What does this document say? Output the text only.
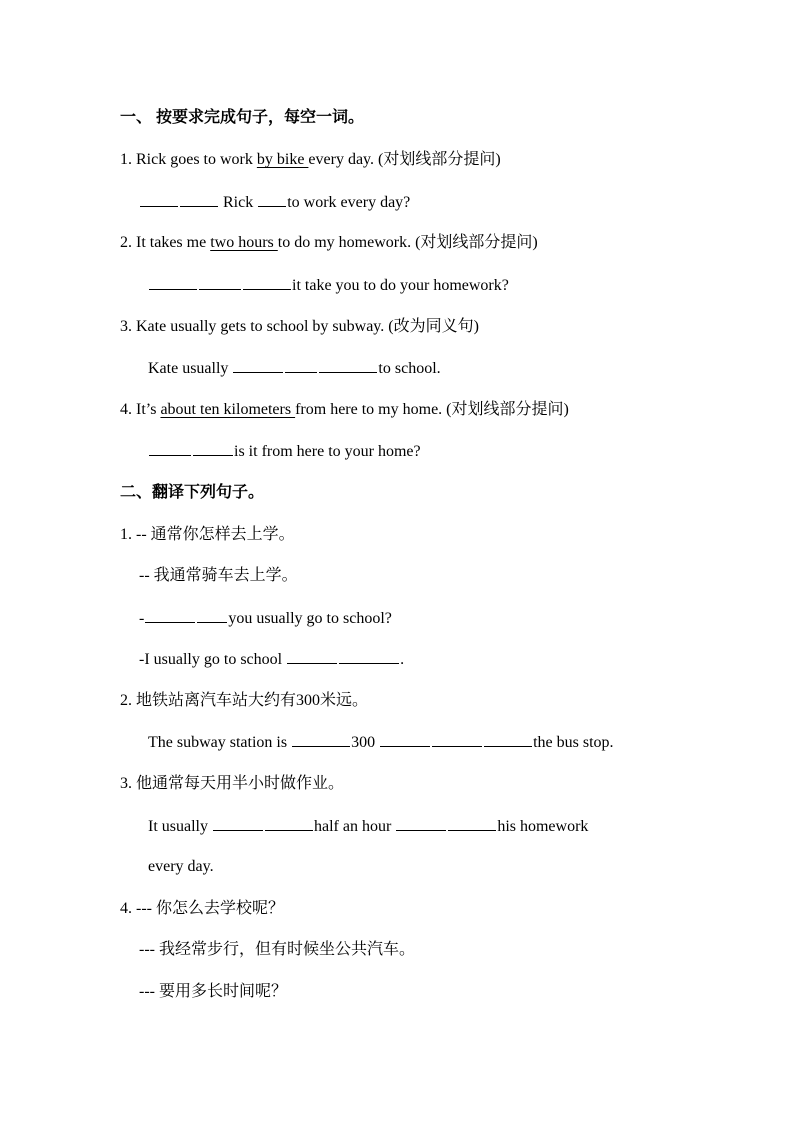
一、 按要求完成句子，每空一词。
1. Rick goes to work by bike every day. (对划线部分提问)
Rick to work every day?
2. It takes me two hours to do my homework. (对划线部分提问)
it take you to do your homework?
3. Kate usually gets to school by subway. (改为同义句)
Kate usually	to school.
4. It’s about ten kilometers from here to my home. (对划线部分提问)
is it from here to your home?
二、翻译下列句子。
1. -- 通常你怎样去上学。
-- 我通常骑车去上学。
-	you usually go to school?
-I usually go to school	.
2. 地铁站离汽车站大约有300米远。
The subway station is	300	the bus stop.
3. 他通常每天用半小时做作业。
It usually	half an hour	his homework
every day.
4. --- 你怎么去学校呢？
--- 我经常步行，但有时候坐公共汽车。
--- 要用多长时间呢？
